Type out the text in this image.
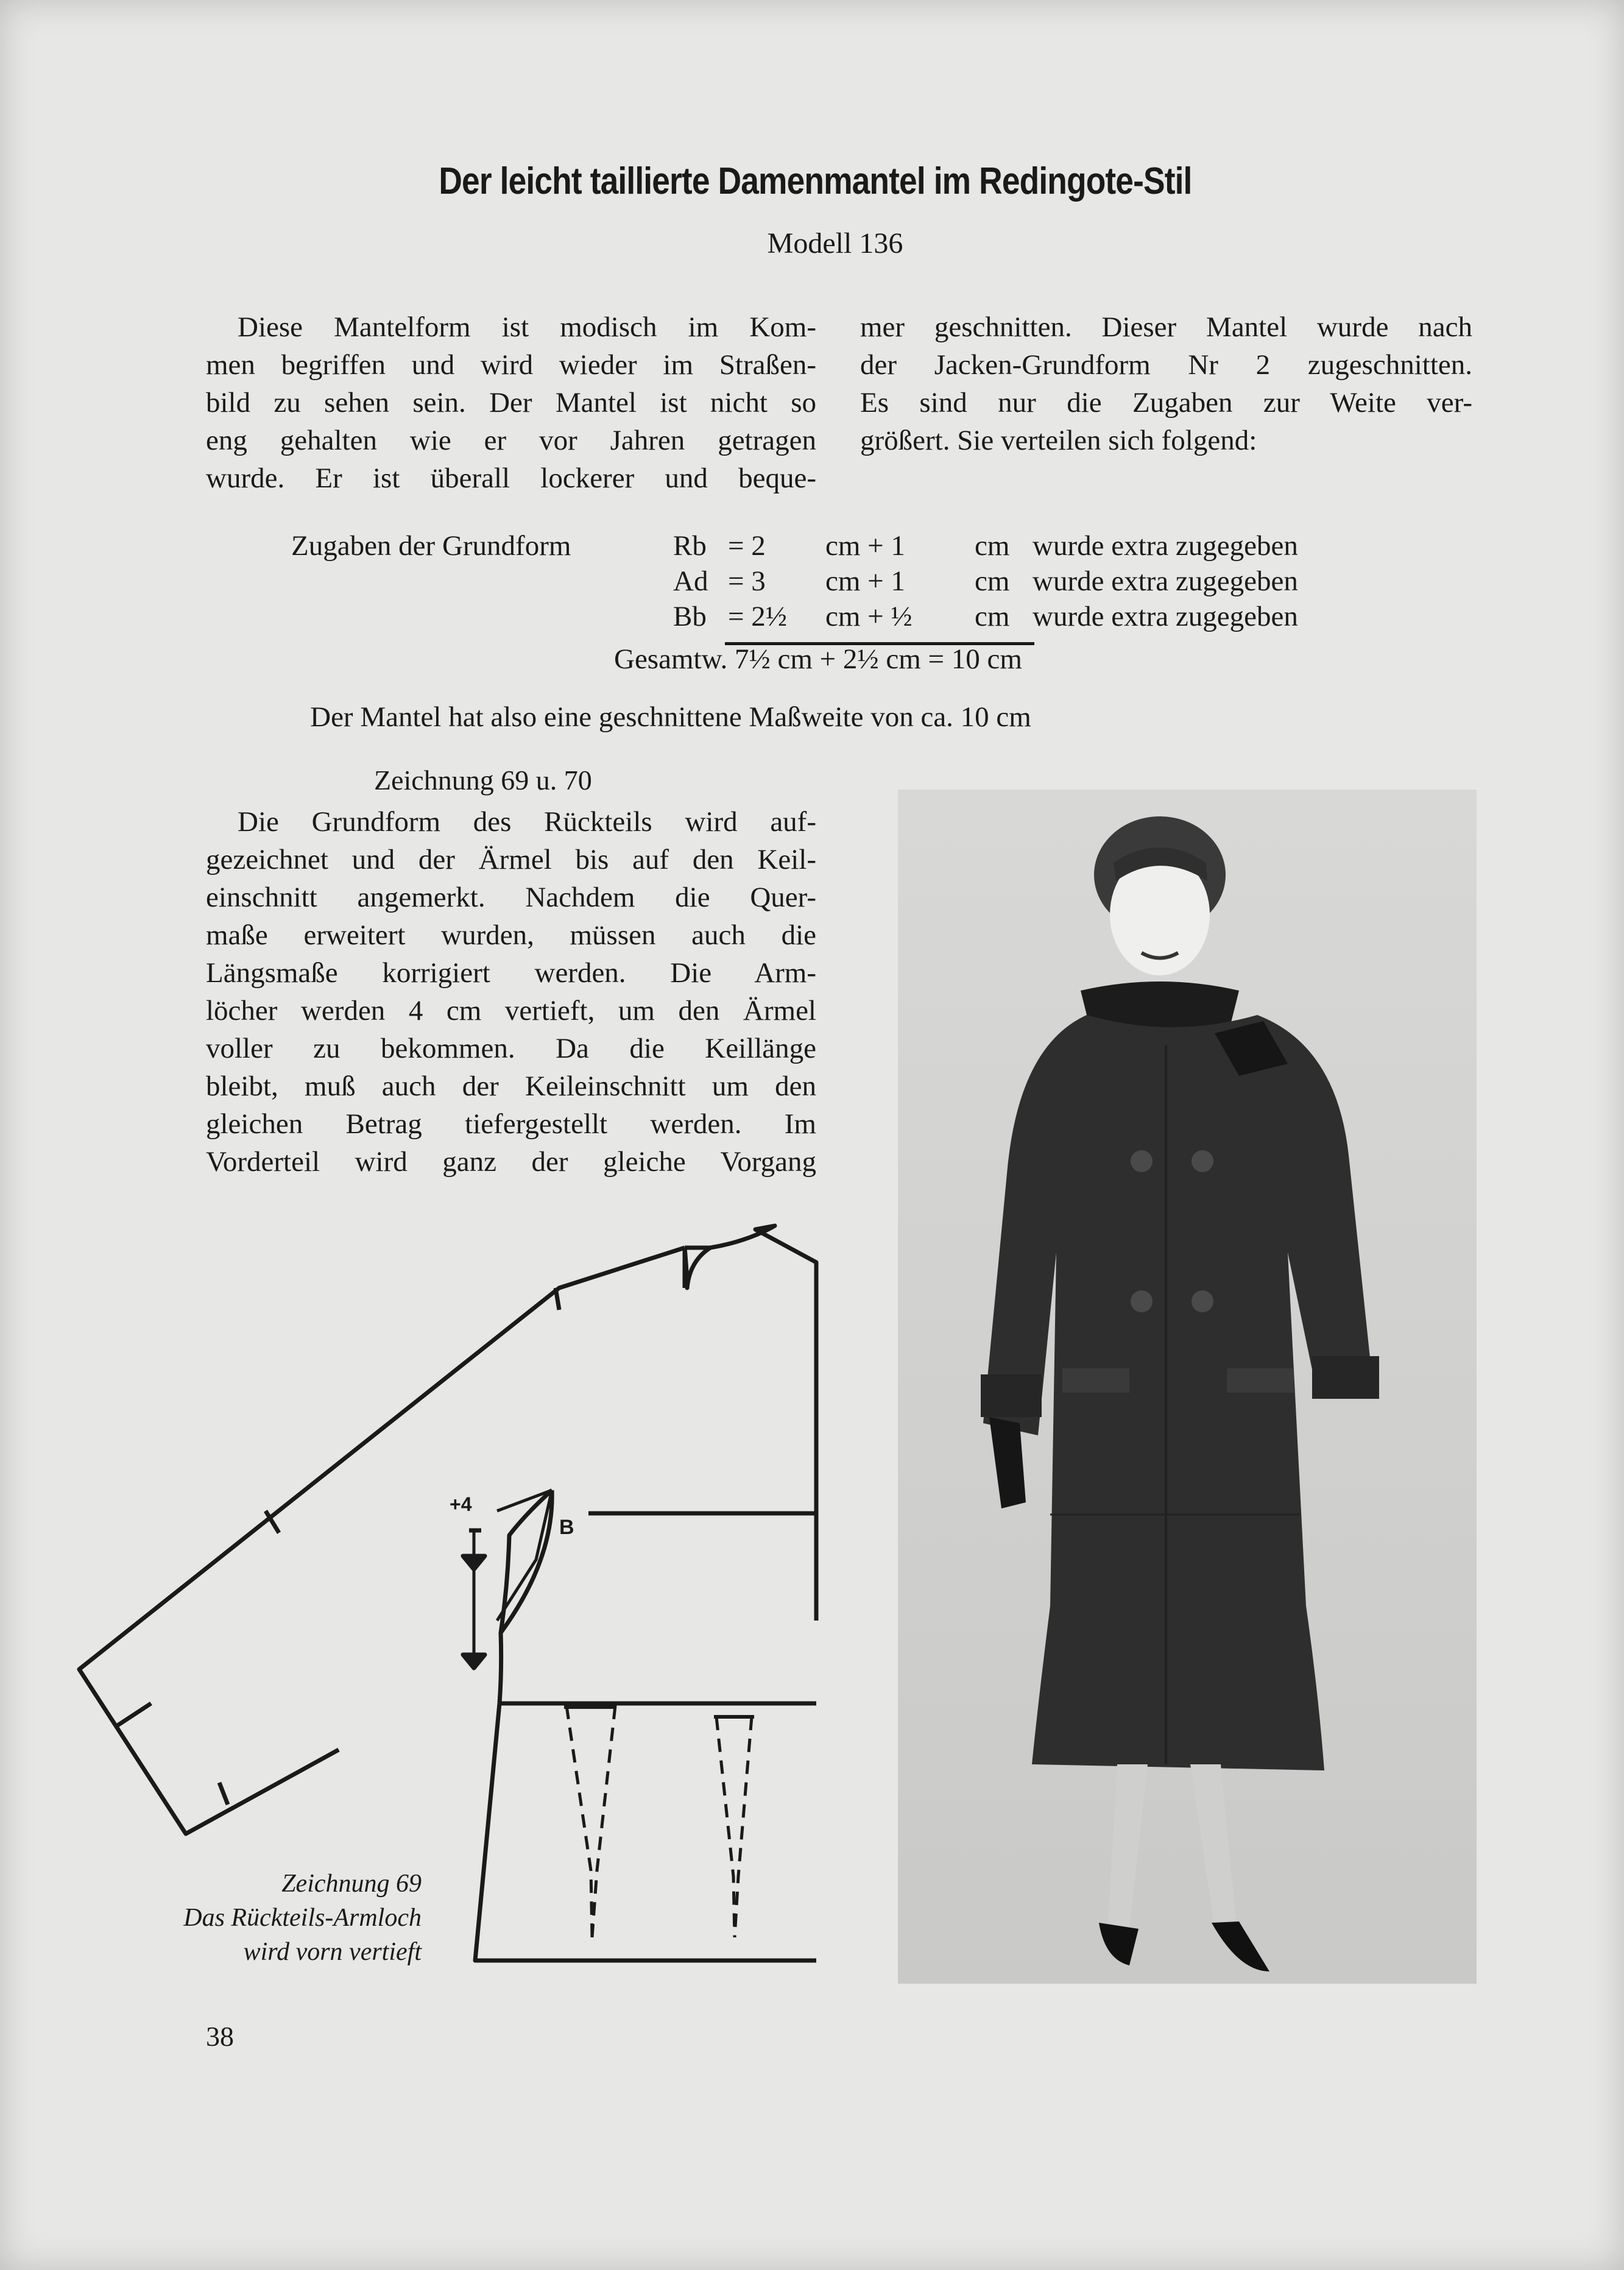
Der leicht taillierte Damenmantel im Redingote-Stil
Modell 136
Diese Mantelform ist modisch im Kom-
men begriffen und wird wieder im Straßen-
bild zu sehen sein. Der Mantel ist nicht so
eng gehalten wie er vor Jahren getragen
wurde. Er ist überall lockerer und beque-
mer geschnitten. Dieser Mantel wurde nach
der Jacken-Grundform Nr 2 zugeschnitten.
Es sind nur die Zugaben zur Weite ver-
größert. Sie verteilen sich folgend:
Zugaben der Grundform	Rb = 2 cm + 1 cm wurde extra zugegeben
Ad = 3 cm + 1 cm wurde extra zugegeben
Bb = 2½ cm + ½ cm wurde extra zugegeben
Gesamtw. 7½ cm + 2½ cm = 10 cm
Der Mantel hat also eine geschnittene Maßweite von ca. 10 cm
Zeichnung 69 u. 70
Die Grundform des Rückteils wird auf-
gezeichnet und der Ärmel bis auf den Keil-
einschnitt angemerkt. Nachdem die Quer-
maße erweitert wurden, müssen auch die
Längsmaße korrigiert werden. Die Arm-
löcher werden 4 cm vertieft, um den Ärmel
voller zu bekommen. Da die Keillänge
bleibt, muß auch der Keileinschnitt um den
gleichen Betrag tiefergestellt werden. Im
Vorderteil wird ganz der gleiche Vorgang
+4
B
Zeichnung 69
Das Rückteils-Armloch
wird vorn vertieft
38
